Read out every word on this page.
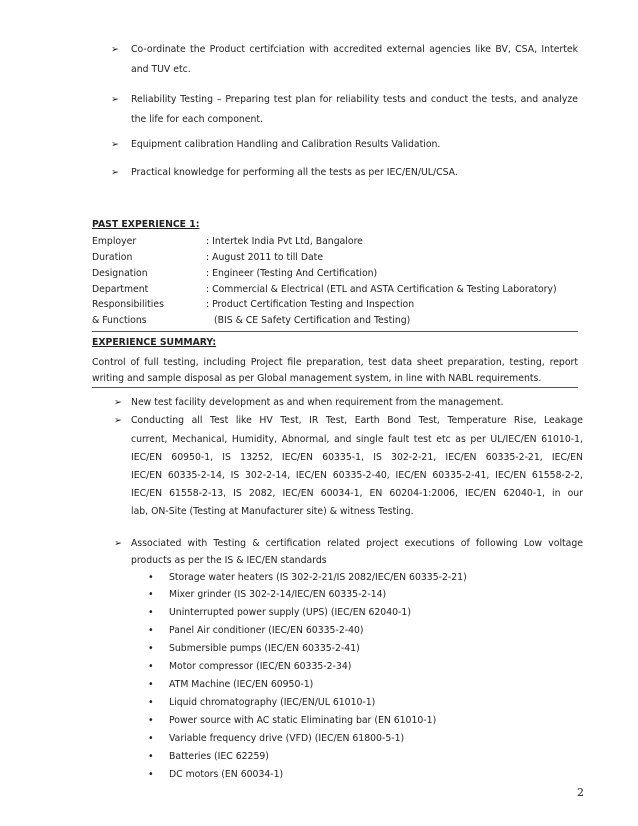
➢ Co-ordinate the Product certifciation with accredited external agencies like BV, CSA, Intertek
and TUV etc.
➢ Reliability Testing – Preparing test plan for reliability tests and conduct the tests, and analyze
the life for each component.
➢ Equipment calibration Handling and Calibration Results Validation.
➢ Practical knowledge for performing all the tests as per IEC/EN/UL/CSA.
PAST EXPERIENCE 1:
Employer	: Intertek India Pvt Ltd, Bangalore
Duration	: August 2011 to till Date
Designation	: Engineer (Testing And Certification)
Department	: Commercial & Electrical (ETL and ASTA Certification & Testing Laboratory)
Responsibilities	: Product Certification Testing and Inspection
& Functions	(BIS & CE Safety Certification and Testing)
EXPERIENCE SUMMARY:
Control of full testing, including Project file preparation, test data sheet preparation, testing, report
writing and sample disposal as per Global management system, in line with NABL requirements.
➢ New test facility development as and when requirement from the management.
➢ Conducting all Test like HV Test, IR Test, Earth Bond Test, Temperature Rise, Leakage
current, Mechanical, Humidity, Abnormal, and single fault test etc as per UL/IEC/EN 61010-1,
IEC/EN 60950-1, IS 13252, IEC/EN 60335-1, IS 302-2-21, IEC/EN 60335-2-21, IEC/EN
IEC/EN 60335-2-14, IS 302-2-14, IEC/EN 60335-2-40, IEC/EN 60335-2-41, IEC/EN 61558-2-2,
IEC/EN 61558-2-13, IS 2082, IEC/EN 60034-1, EN 60204-1:2006, IEC/EN 62040-1, in our
lab, ON-Site (Testing at Manufacturer site) & witness Testing.
➢ Associated with Testing & certification related project executions of following Low voltage
products as per the IS & IEC/EN standards
• Storage water heaters (IS 302-2-21/IS 2082/IEC/EN 60335-2-21)
• Mixer grinder (IS 302-2-14/IEC/EN 60335-2-14)
• Uninterrupted power supply (UPS) (IEC/EN 62040-1)
• Panel Air conditioner (IEC/EN 60335-2-40)
• Submersible pumps (IEC/EN 60335-2-41)
• Motor compressor (IEC/EN 60335-2-34)
• ATM Machine (IEC/EN 60950-1)
• Liquid chromatography (IEC/EN/UL 61010-1)
• Power source with AC static Eliminating bar (EN 61010-1)
• Variable frequency drive (VFD) (IEC/EN 61800-5-1)
• Batteries (IEC 62259)
• DC motors (EN 60034-1)
2
